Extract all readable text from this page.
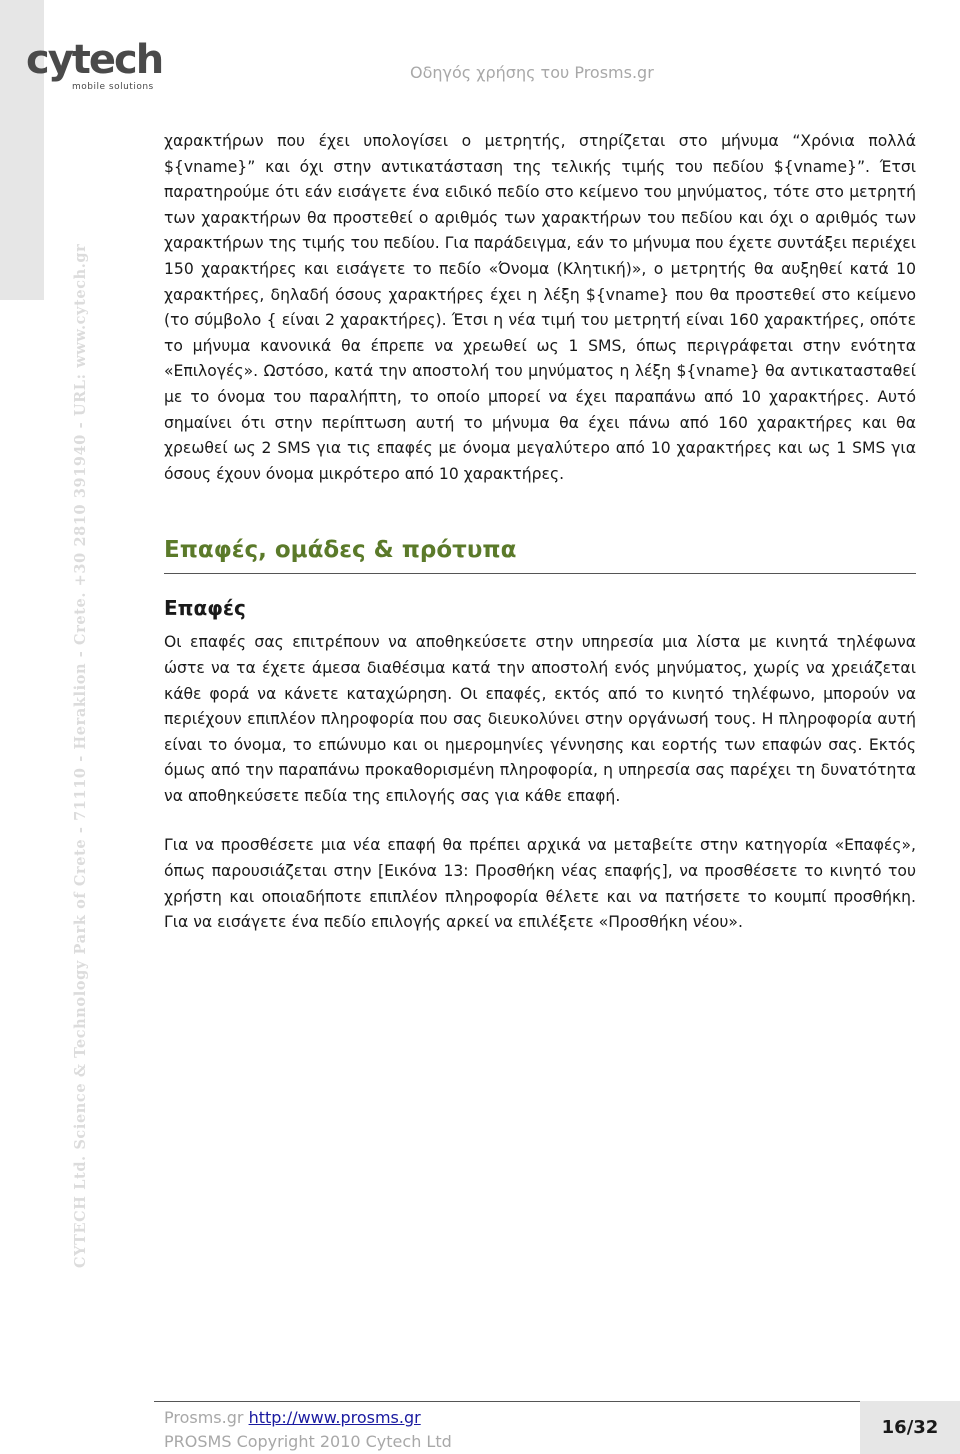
cytech
mobile solutions
Οδηγός χρήσης του Prosms.gr
CYTECH Ltd. Science & Technology Park of Crete - 71110 - Heraklion - Crete. +30 2810 391940 - URL: www.cytech.gr

χαρακτήρων που έχει υπολογίσει ο μετρητής, στηρίζεται στο μήνυμα “Χρόνια πολλά ${vname}” και όχι στην αντικατάσταση της τελικής τιμής του πεδίου ${vname}”. Έτσι παρατηρούμε ότι εάν εισάγετε ένα ειδικό πεδίο στο κείμενο του μηνύματος, τότε στο μετρητή των χαρακτήρων θα προστεθεί ο αριθμός των χαρακτήρων του πεδίου και όχι ο αριθμός των χαρακτήρων της τιμής του πεδίου. Για παράδειγμα, εάν το μήνυμα που έχετε συντάξει περιέχει 150 χαρακτήρες και εισάγετε το πεδίο «Όνομα (Κλητική)», ο μετρητής θα αυξηθεί κατά 10 χαρακτήρες, δηλαδή όσους χαρακτήρες έχει η λέξη ${vname} που θα προστεθεί στο κείμενο (το σύμβολο { είναι 2 χαρακτήρες). Έτσι η νέα τιμή του μετρητή είναι 160 χαρακτήρες, οπότε το μήνυμα κανονικά θα έπρεπε να χρεωθεί ως 1 SMS, όπως περιγράφεται στην ενότητα «Επιλογές». Ωστόσο, κατά την αποστολή του μηνύματος η λέξη ${vname} θα αντικατασταθεί με το όνομα του παραλήπτη, το οποίο μπορεί να έχει παραπάνω από 10 χαρακτήρες. Αυτό σημαίνει ότι στην περίπτωση αυτή το μήνυμα θα έχει πάνω από 160 χαρακτήρες και θα χρεωθεί ως 2 SMS για τις επαφές με όνομα μεγαλύτερο από 10 χαρακτήρες και ως 1 SMS για όσους έχουν όνομα μικρότερο από 10 χαρακτήρες.

Επαφές, ομάδες & πρότυπα
Επαφές

Οι επαφές σας επιτρέπουν να αποθηκεύσετε στην υπηρεσία μια λίστα με κινητά τηλέφωνα ώστε να τα έχετε άμεσα διαθέσιμα κατά την αποστολή ενός μηνύματος, χωρίς να χρειάζεται κάθε φορά να κάνετε καταχώρηση. Οι επαφές, εκτός από το κινητό τηλέφωνο, μπορούν να περιέχουν επιπλέον πληροφορία που σας διευκολύνει στην οργάνωσή τους. Η πληροφορία αυτή είναι το όνομα, το επώνυμο και οι ημερομηνίες γέννησης και εορτής των επαφών σας. Εκτός όμως από την παραπάνω προκαθορισμένη πληροφορία, η υπηρεσία σας παρέχει τη δυνατότητα να αποθηκεύσετε πεδία της επιλογής σας για κάθε επαφή.

Για να προσθέσετε μια νέα επαφή θα πρέπει αρχικά να μεταβείτε στην κατηγορία «Επαφές», όπως παρουσιάζεται στην [Εικόνα 13: Προσθήκη νέας επαφής], να προσθέσετε το κινητό του χρήστη και οποιαδήποτε επιπλέον πληροφορία θέλετε και να πατήσετε το κουμπί προσθήκη. Για να εισάγετε ένα πεδίο επιλογής αρκεί να επιλέξετε «Προσθήκη νέου».

Prosms.gr http://www.prosms.gr
PROSMS Copyright 2010 Cytech Ltd
16/32
